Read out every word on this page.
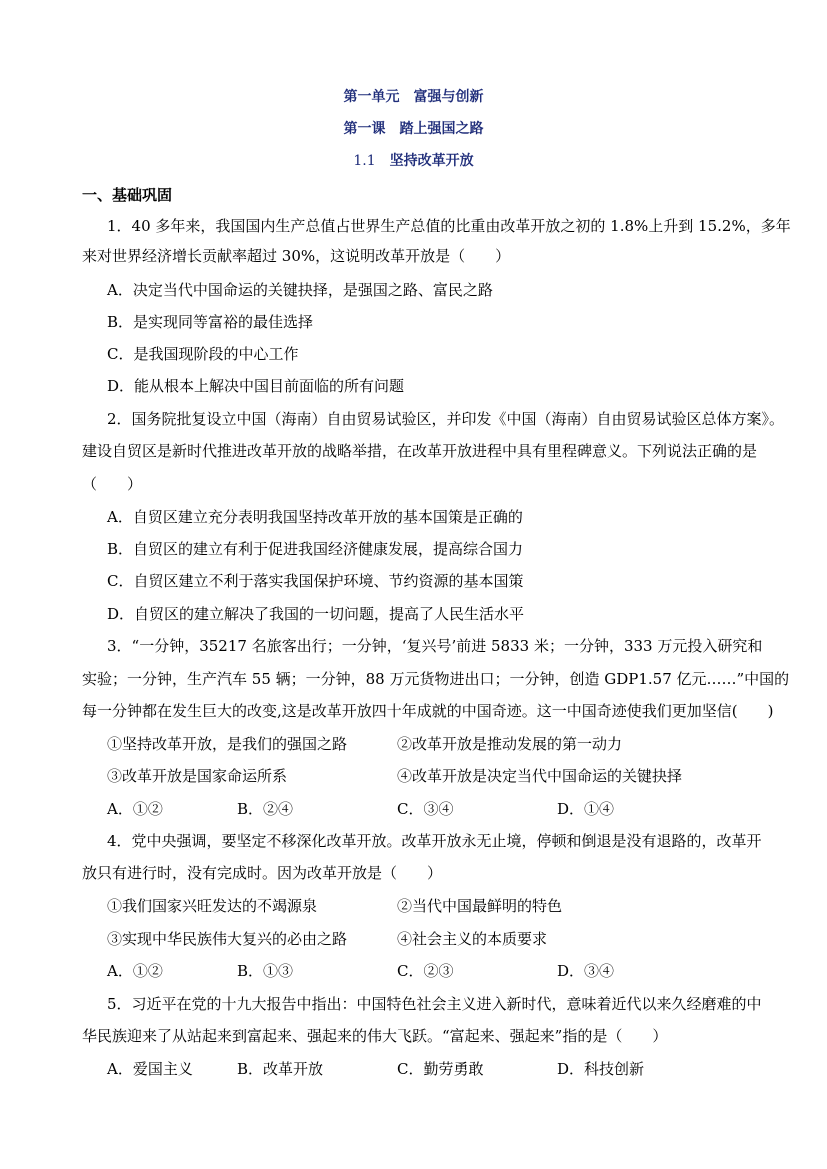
第一单元　富强与创新
第一课　踏上强国之路
1.1 坚持改革开放
一、基础巩固
1．40 多年来，我国国内生产总值占世界生产总值的比重由改革开放之初的 1.8%上升到 15.2%，多年
来对世界经济增长贡献率超过 30%，这说明改革开放是（　　）
A．决定当代中国命运的关键抉择，是强国之路、富民之路
B．是实现同等富裕的最佳选择
C．是我国现阶段的中心工作
D．能从根本上解决中国目前面临的所有问题
2．国务院批复设立中国（海南）自由贸易试验区，并印发《中国（海南）自由贸易试验区总体方案》。
建设自贸区是新时代推进改革开放的战略举措，在改革开放进程中具有里程碑意义。下列说法正确的是
（　　）
A．自贸区建立充分表明我国坚持改革开放的基本国策是正确的
B．自贸区的建立有利于促进我国经济健康发展，提高综合国力
C．自贸区建立不利于落实我国保护环境、节约资源的基本国策
D．自贸区的建立解决了我国的一切问题，提高了人民生活水平
3．“一分钟，35217 名旅客出行；一分钟，‘复兴号’前进 5833 米；一分钟，333 万元投入研究和
实验；一分钟，生产汽车 55 辆；一分钟，88 万元货物进出口；一分钟，创造 GDP1.57 亿元……”中国的
每一分钟都在发生巨大的改变,这是改革开放四十年成就的中国奇迹。这一中国奇迹使我们更加坚信(　　)
①坚持改革开放，是我们的强国之路	②改革开放是推动发展的第一动力
③改革开放是国家命运所系	④改革开放是决定当代中国命运的关键抉择
A．①②	B．②④	C．③④	D．①④
4．党中央强调，要坚定不移深化改革开放。改革开放永无止境，停顿和倒退是没有退路的，改革开
放只有进行时，没有完成时。因为改革开放是（　　）
①我们国家兴旺发达的不竭源泉	②当代中国最鲜明的特色
③实现中华民族伟大复兴的必由之路	④社会主义的本质要求
A．①②	B．①③	C．②③	D．③④
5．习近平在党的十九大报告中指出：中国特色社会主义进入新时代，意味着近代以来久经磨难的中
华民族迎来了从站起来到富起来、强起来的伟大飞跃。“富起来、强起来”指的是（　　）
A．爱国主义	B．改革开放	C．勤劳勇敢	D．科技创新
